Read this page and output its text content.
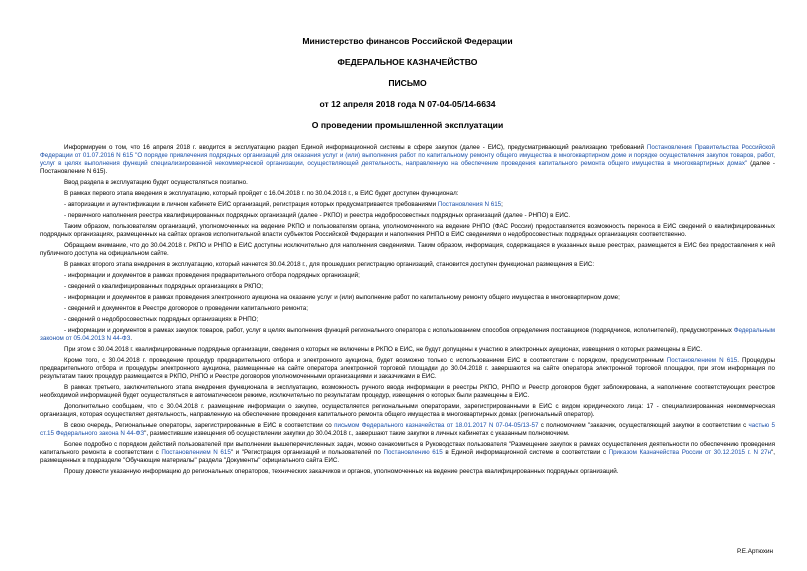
Министерство финансов Российской Федерации
ФЕДЕРАЛЬНОЕ КАЗНАЧЕЙСТВО
ПИСЬМО
от 12 апреля 2018 года N 07-04-05/14-6634
О проведении промышленной эксплуатации

Информируем о том, что 16 апреля 2018 г. вводится в эксплуатацию раздел Единой информационной системы в сфере закупок (далее - ЕИС), предусматривающий реализацию требований Постановления Правительства Российской Федерации от 01.07.2016 N 615 "О порядке привлечения подрядных организаций для оказания услуг и (или) выполнения работ по капитальному ремонту общего имущества в многоквартирном доме и порядке осуществления закупок товаров, работ, услуг в целях выполнения функций специализированной некоммерческой организации, осуществляющей деятельность, направленную на обеспечение проведения капитального ремонта общего имущества в многоквартирных домах" (далее - Постановление N 615).

Ввод раздела в эксплуатацию будет осуществляться поэтапно.

В рамках первого этапа введения в эксплуатацию, который пройдет с 16.04.2018 г. по 30.04.2018 г., в ЕИС будет доступен функционал:

- авторизации и аутентификации в личном кабинете ЕИС организаций, регистрация которых предусматривается требованиями Постановления N 615;

- первичного наполнения реестра квалифицированных подрядных организаций (далее - РКПО) и реестра недобросовестных подрядных организаций (далее - РНПО) в ЕИС.

Таким образом, пользователям организаций, уполномоченных на ведение РКПО и пользователям органа, уполномоченного на ведение РНПО (ФАС России) предоставляется возможность переноса в ЕИС сведений о квалифицированных подрядных организациях, размещенных на сайтах органов исполнительной власти субъектов Российской Федерации и наполнения РНПО в ЕИС сведениями о недобросовестных подрядных организациях соответственно.

Обращаем внимание, что до 30.04.2018 г. РКПО и РНПО в ЕИС доступны исключительно для наполнения сведениями. Таким образом, информация, содержащаяся в указанных выше реестрах, размещается в ЕИС без предоставления к ней публичного доступа на официальном сайте.

В рамках второго этапа внедрения в эксплуатацию, который начнется 30.04.2018 г., для прошедших регистрацию организаций, становится доступен функционал размещения в ЕИС:

- информации и документов в рамках проведения предварительного отбора подрядных организаций;

- сведений о квалифицированных подрядных организациях в РКПО;

- информации и документов в рамках проведения электронного аукциона на оказание услуг и (или) выполнение работ по капитальному ремонту общего имущества в многоквартирном доме;

- сведений и документов в Реестре договоров о проведении капитального ремонта;

- сведений о недобросовестных подрядных организациях в РНПО;

- информации и документов в рамках закупок товаров, работ, услуг в целях выполнения функций регионального оператора с использованием способов определения поставщиков (подрядчиков, исполнителей), предусмотренных Федеральным законом от 05.04.2013 N 44-ФЗ.

При этом с 30.04.2018 г. квалифицированные подрядные организации, сведения о которых не включены в РКПО в ЕИС, не будут допущены к участию в электронных аукционах, извещения о которых размещены в ЕИС.

Кроме того, с 30.04.2018 г. проведение процедур предварительного отбора и электронного аукциона, будет возможно только с использованием ЕИС в соответствии с порядком, предусмотренным Постановлением N 615. Процедуры предварительного отбора и процедуры электронного аукциона, размещенные на сайте оператора электронной торговой площадки до 30.04.2018 г. завершаются на сайте оператора электронной торговой площадки, при этом информация по результатам таких процедур размещается в РКПО, РНПО и Реестре договоров уполномоченными организациями и заказчиками в ЕИС.

В рамках третьего, заключительного этапа внедрения функционала в эксплуатацию, возможность ручного ввода информации в реестры РКПО, РНПО и Реестр договоров будет заблокирована, а наполнение соответствующих реестров необходимой информацией будет осуществляться в автоматическом режиме, исключительно по результатам процедур, извещения о которых были размещены в ЕИС.

Дополнительно сообщаем, что с 30.04.2018 г. размещение информации о закупке, осуществляется региональными операторами, зарегистрированными в ЕИС с видом юридического лица: 17 - специализированная некоммерческая организация, которая осуществляет деятельность, направленную на обеспечение проведения капитального ремонта общего имущества в многоквартирных домах (региональный оператор).

В свою очередь, Региональные операторы, зарегистрированные в ЕИС в соответствии со письмом Федерального казначейства от 18.01.2017 N 07-04-05/13-57 с полномочием "заказчик, осуществляющий закупки в соответствии с частью 5 ст.15 Федерального закона N 44-ФЗ", разместившие извещения об осуществлении закупки до 30.04.2018 г., завершают такие закупки в личных кабинетах с указанным полномочием.

Более подробно с порядком действий пользователей при выполнении вышеперечисленных задач, можно ознакомиться в Руководствах пользователя "Размещение закупок в рамках осуществления деятельности по обеспечению проведения капитального ремонта в соответствии с Постановлением N 615" и "Регистрация организаций и пользователей по Постановлению 615 в Единой информационной системе в соответствии с Приказом Казначейства России от 30.12.2015 г. N 27н", размещенных в подразделе "Обучающие материалы" раздела "Документы" официального сайта ЕИС.

Прошу довести указанную информацию до региональных операторов, технических заказчиков и органов, уполномоченных на ведение реестра квалифицированных подрядных организаций.

Р.Е.Артюхин
